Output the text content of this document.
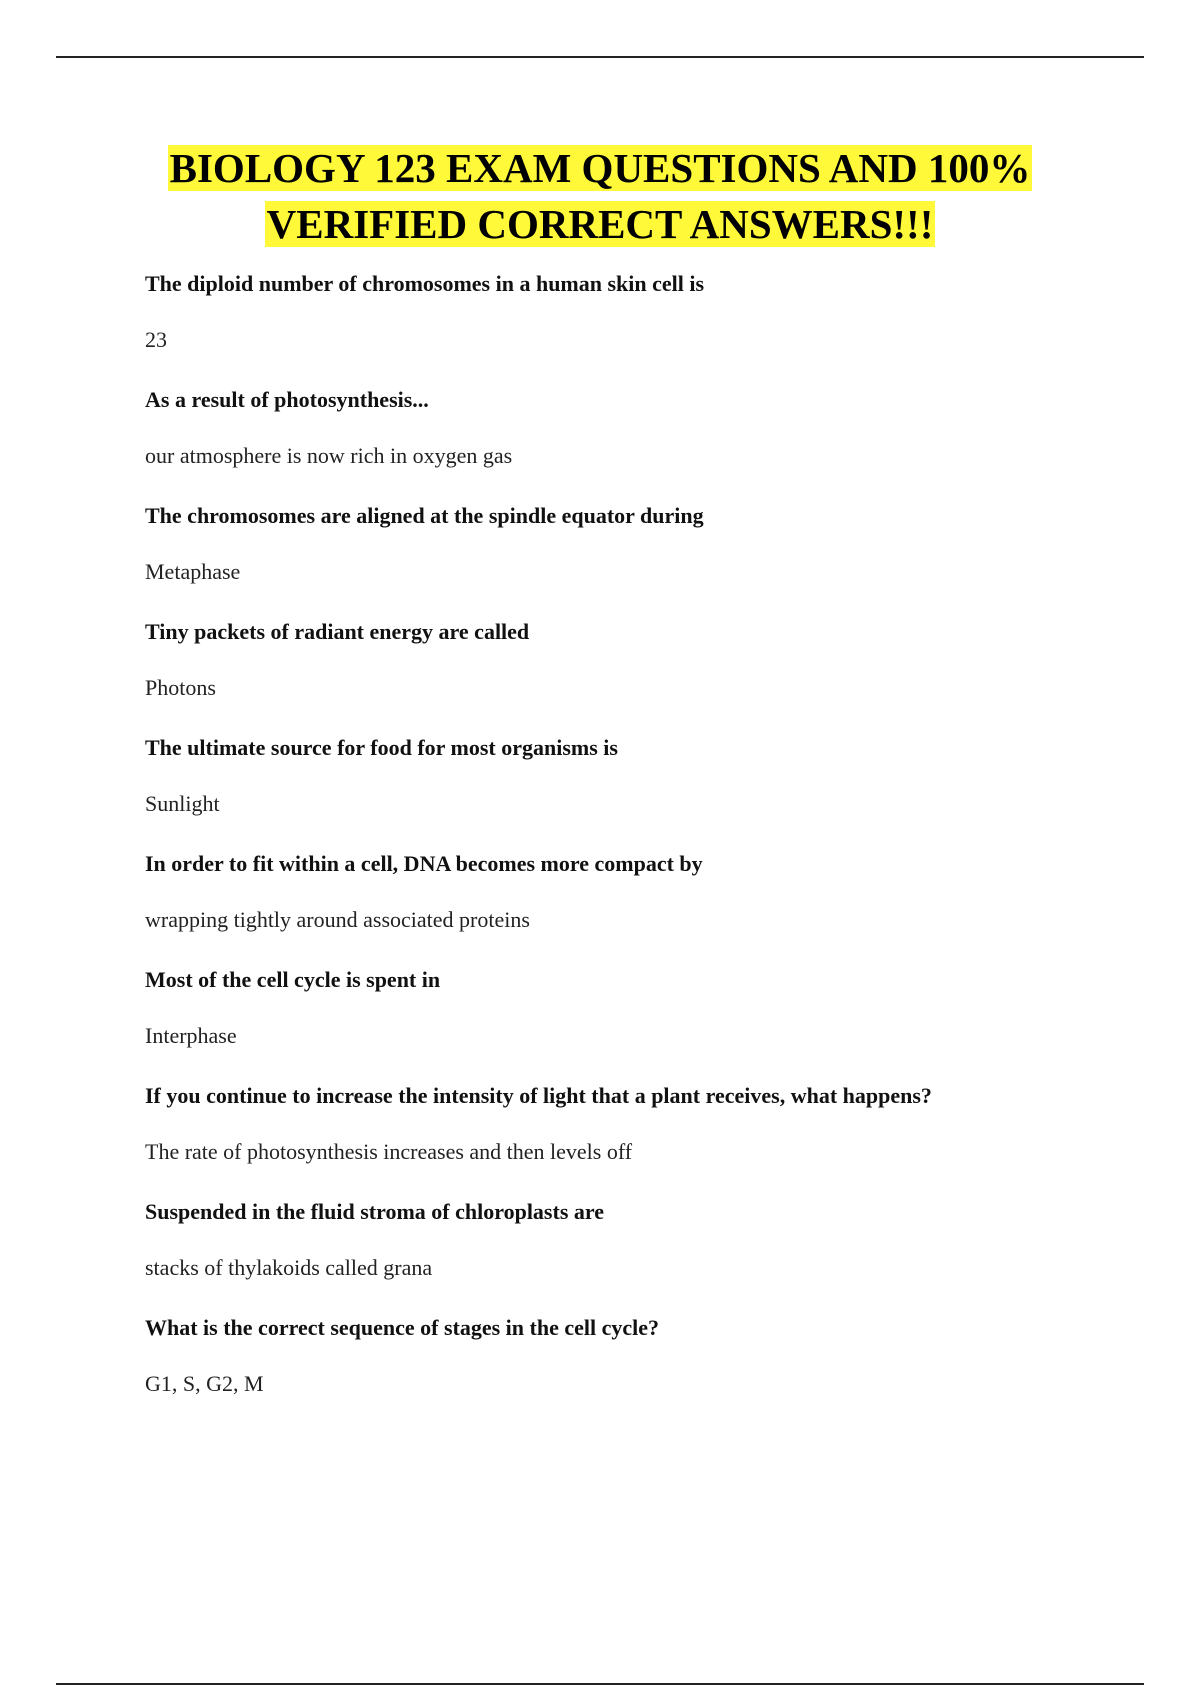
BIOLOGY 123 EXAM QUESTIONS AND 100%
VERIFIED CORRECT ANSWERS!!!
The diploid number of chromosomes in a human skin cell is
23
As a result of photosynthesis...
our atmosphere is now rich in oxygen gas
The chromosomes are aligned at the spindle equator during
Metaphase
Tiny packets of radiant energy are called
Photons
The ultimate source for food for most organisms is
Sunlight
In order to fit within a cell, DNA becomes more compact by
wrapping tightly around associated proteins
Most of the cell cycle is spent in
Interphase
If you continue to increase the intensity of light that a plant receives, what happens?
The rate of photosynthesis increases and then levels off
Suspended in the fluid stroma of chloroplasts are
stacks of thylakoids called grana
What is the correct sequence of stages in the cell cycle?
G1, S, G2, M
